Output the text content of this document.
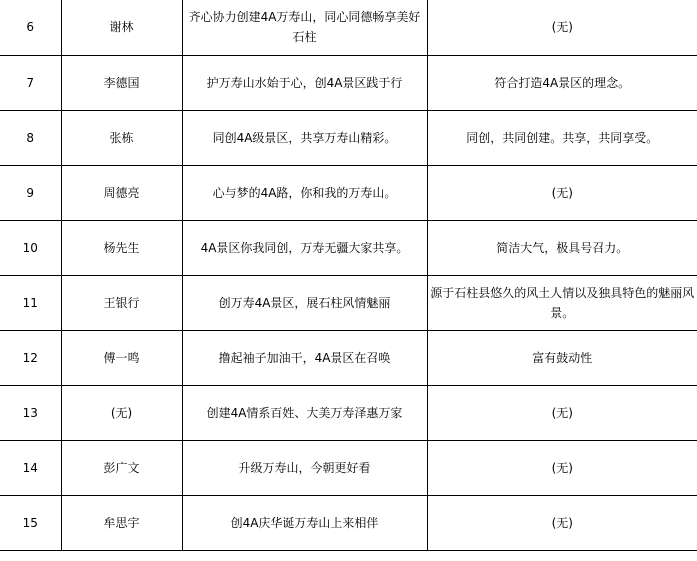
6	谢林	齐心协力创建4A万寿山，同心同德畅享美好石柱	(无)
7	李德国	护万寿山水始于心，创4A景区践于行	符合打造4A景区的理念。
8	张栋	同创4A级景区，共享万寿山精彩。	同创，共同创建。共享，共同享受。
9	周德亮	心与梦的4A路，你和我的万寿山。	(无)
10	杨先生	4A景区你我同创，万寿无疆大家共享。	简洁大气，极具号召力。
11	王银行	创万寿4A景区，展石柱风情魅丽	源于石柱县悠久的风土人情以及独具特色的魅丽风景。
12	傅一鸣	撸起袖子加油干，4A景区在召唤	富有鼓动性
13	(无)	创建4A情系百姓、大美万寿泽惠万家	(无)
14	彭广文	升级万寿山，今朝更好看	(无)
15	牟思宇	创4A庆华诞万寿山上来相伴	(无)
